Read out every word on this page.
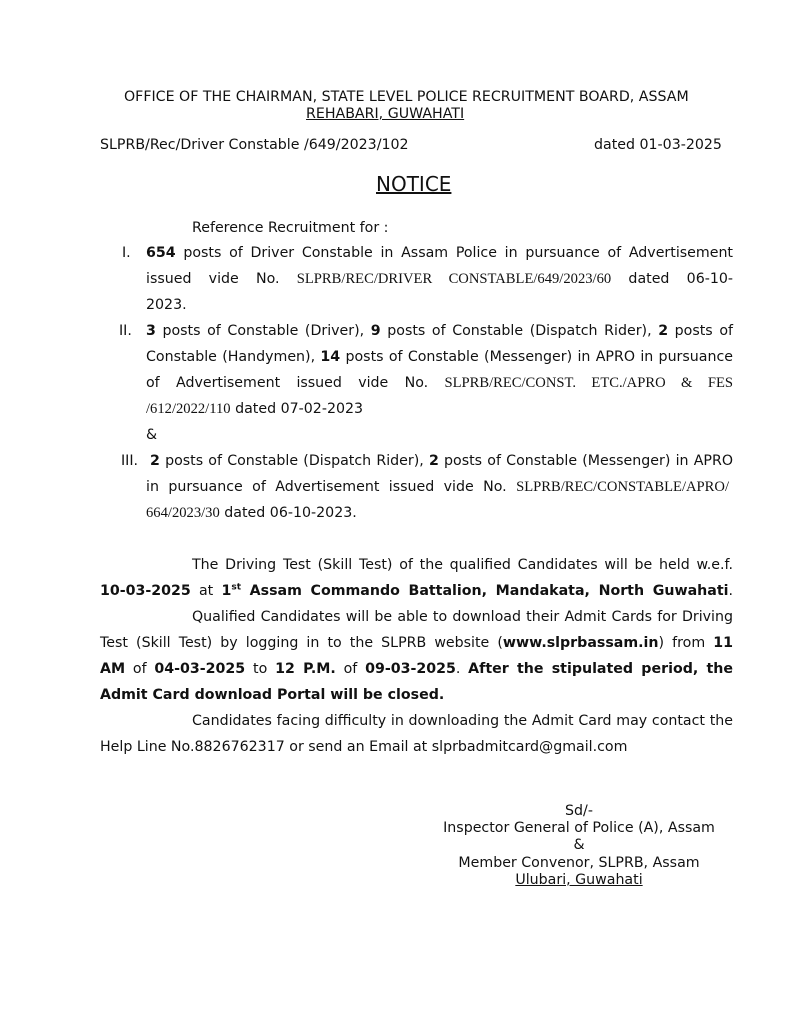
OFFICE OF THE CHAIRMAN, STATE LEVEL POLICE RECRUITMENT BOARD, ASSAM
REHABARI, GUWAHATI
SLPRB/Rec/Driver Constable /649/2023/102	dated 01-03-2025
NOTICE
Reference Recruitment for :
I. 654 posts of Driver Constable in Assam Police in pursuance of Advertisement
issued vide No. SLPRB/REC/DRIVER CONSTABLE/649/2023/60 dated 06-10-
2023.
II. 3 posts of Constable (Driver), 9 posts of Constable (Dispatch Rider), 2 posts of
Constable (Handymen), 14 posts of Constable (Messenger) in APRO in pursuance
of Advertisement issued vide No. SLPRB/REC/CONST. ETC./APRO & FES
/612/2022/110 dated 07-02-2023
&
III. 2 posts of Constable (Dispatch Rider), 2 posts of Constable (Messenger) in APRO
in pursuance of Advertisement issued vide No. SLPRB/REC/CONSTABLE/APRO/
664/2023/30 dated 06-10-2023.
The Driving Test (Skill Test) of the qualified Candidates will be held w.e.f.
10-03-2025 at 1st Assam Commando Battalion, Mandakata, North Guwahati.
Qualified Candidates will be able to download their Admit Cards for Driving
Test (Skill Test) by logging in to the SLPRB website (www.slprbassam.in) from 11
AM of 04-03-2025 to 12 P.M. of 09-03-2025. After the stipulated period, the
Admit Card download Portal will be closed.
Candidates facing difficulty in downloading the Admit Card may contact the
Help Line No.8826762317 or send an Email at slprbadmitcard@gmail.com
Sd/-
Inspector General of Police (A), Assam
&
Member Convenor, SLPRB, Assam
Ulubari, Guwahati
